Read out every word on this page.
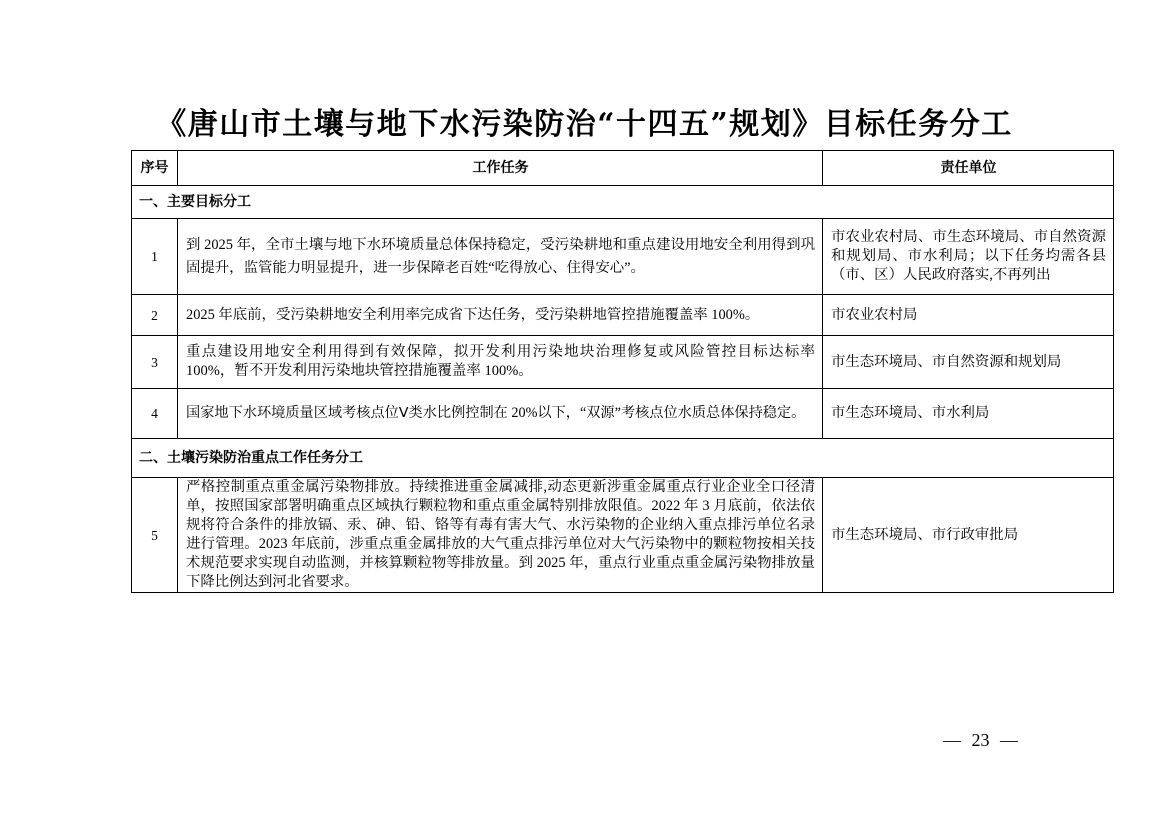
《唐山市土壤与地下水污染防治“十四五”规划》目标任务分工
序号	工作任务	责任单位
一、主要目标分工		
1	到 2025 年，全市土壤与地下水环境质量总体保持稳定，受污染耕地和重点建设用地安全利用得到巩固提升，监管能力明显提升，进一步保障老百姓“吃得放心、住得安心”。	市农业农村局、市生态环境局、市自然资源和规划局、市水利局；以下任务均需各县（市、区）人民政府落实,不再列出
2	2025 年底前，受污染耕地安全利用率完成省下达任务，受污染耕地管控措施覆盖率 100%。	市农业农村局
3	重点建设用地安全利用得到有效保障，拟开发利用污染地块治理修复或风险管控目标达标率 100%，暂不开发利用污染地块管控措施覆盖率 100%。	市生态环境局、市自然资源和规划局
4	国家地下水环境质量区域考核点位Ⅴ类水比例控制在 20%以下，“双源”考核点位水质总体保持稳定。	市生态环境局、市水利局
二、土壤污染防治重点工作任务分工		
5	严格控制重点重金属污染物排放。持续推进重金属减排,动态更新涉重金属重点行业企业全口径清单，按照国家部署明确重点区域执行颗粒物和重点重金属特别排放限值。2022 年 3 月底前，依法依规将符合条件的排放镉、汞、砷、铅、铬等有毒有害大气、水污染物的企业纳入重点排污单位名录进行管理。2023 年底前，涉重点重金属排放的大气重点排污单位对大气污染物中的颗粒物按相关技术规范要求实现自动监测，并核算颗粒物等排放量。到 2025 年，重点行业重点重金属污染物排放量下降比例达到河北省要求。	市生态环境局、市行政审批局
— 23 —
